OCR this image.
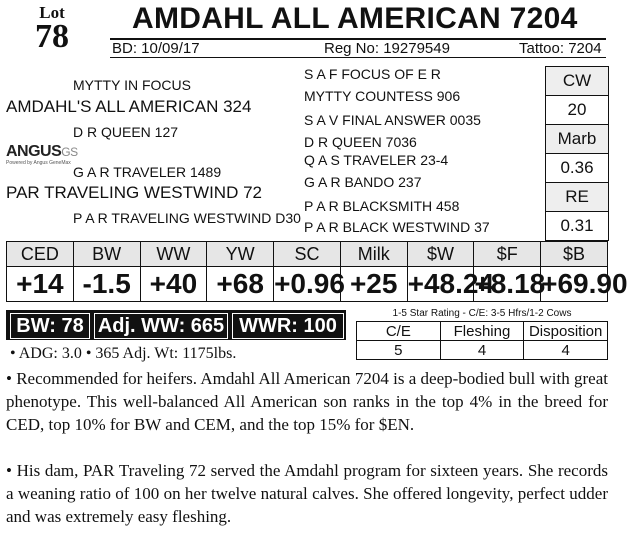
Lot
78	AMDAHL ALL AMERICAN 7204
BD: 10/09/17	Reg No: 19279549	Tattoo: 7204
MYTTY IN FOCUS
AMDAHL'S ALL AMERICAN 324
D R QUEEN 127
ANGUSGS
Powered by Angus GeneMax
G A R TRAVELER 1489
PAR TRAVELING WESTWIND 72
P A R TRAVELING WESTWIND D30
S A F FOCUS OF E R
MYTTY COUNTESS 906
S A V FINAL ANSWER 0035
D R QUEEN 7036
Q A S TRAVELER 23-4
G A R BANDO 237
P A R BLACKSMITH 458
P A R BLACK WESTWIND 37
CW
20
Marb
0.36
RE
0.31
CED	BW	WW	YW	SC	Milk	$W	$F	$B
+14	-1.5	+40	+68	+0.96	+25	+48.24	+8.18	+69.90
BW: 78 Adj. WW: 665 WWR: 100
1-5 Star Rating - C/E: 3-5 Hfrs/1-2 Cows
C/E	Fleshing	Disposition
5	4	4
• ADG: 3.0 • 365 Adj. Wt: 1175lbs.
• Recommended for heifers. Amdahl All American 7204 is a deep-bodied bull with great phenotype. This well-balanced All American son ranks in the top 4% in the breed for CED, top 10% for BW and CEM, and the top 15% for $EN.
• His dam, PAR Traveling 72 served the Amdahl program for sixteen years. She records a weaning ratio of 100 on her twelve natural calves. She offered longevity, perfect udder and was extremely easy fleshing.
